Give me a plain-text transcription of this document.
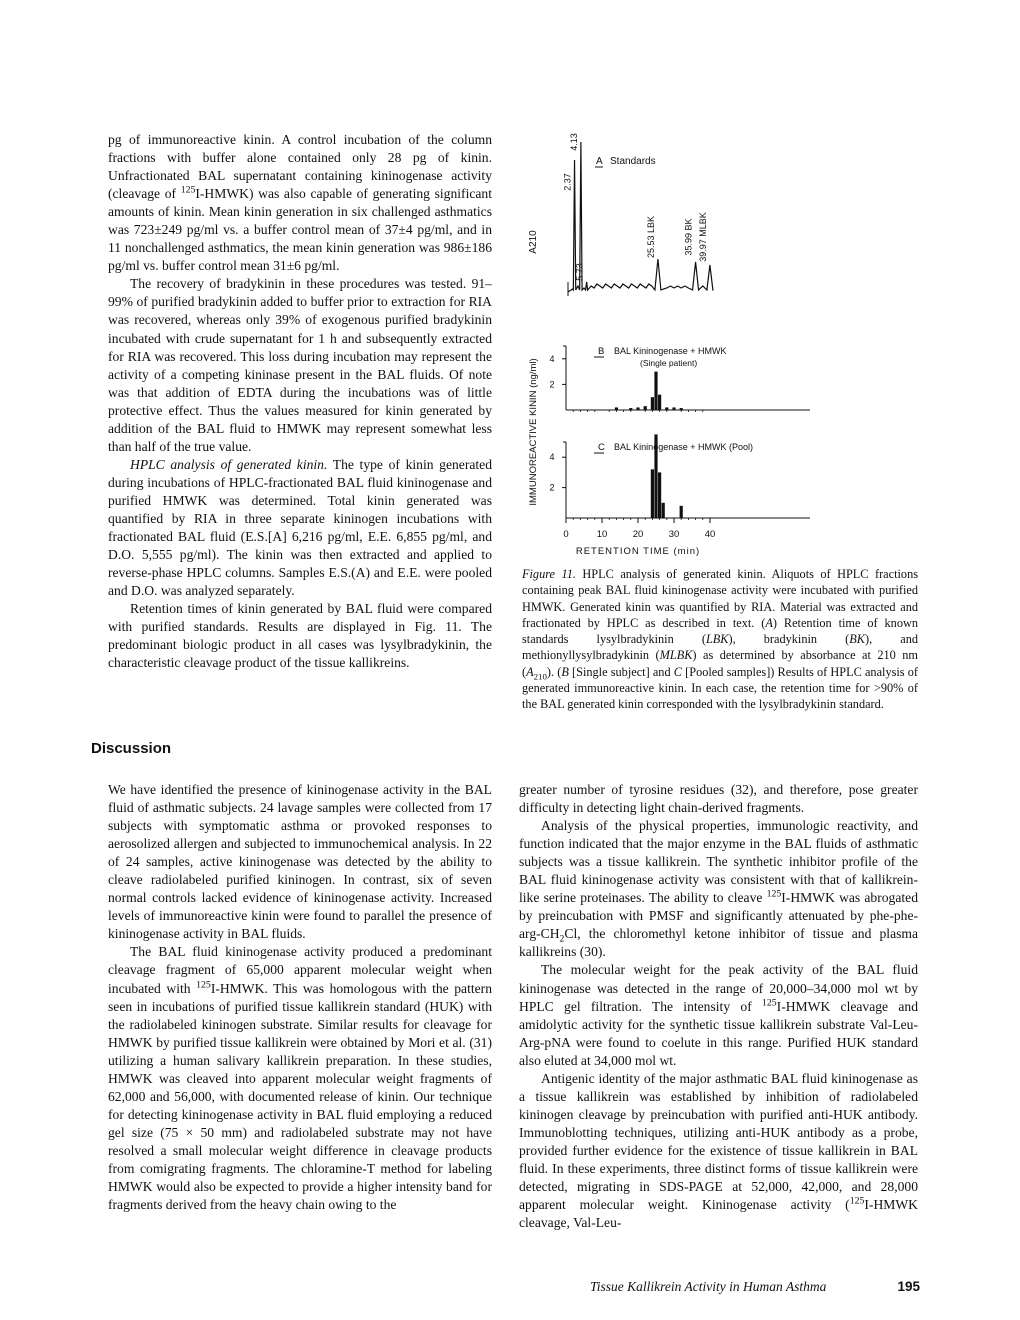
pg of immunoreactive kinin. A control incubation of the column fractions with buffer alone contained only 28 pg of kinin. Unfractionated BAL supernatant containing kininogenase activity (cleavage of $^{125}$I-HMWK) was also capable of generating significant amounts of kinin. Mean kinin generation in six challenged asthmatics was 723±249 pg/ml vs. a buffer control mean of 37±4 pg/ml, and in 11 nonchallenged asthmatics, the mean kinin generation was 986±186 pg/ml vs. buffer control mean 31±6 pg/ml.

The recovery of bradykinin in these procedures was tested. 91–99% of purified bradykinin added to buffer prior to extraction for RIA was recovered, whereas only 39% of exogenous purified bradykinin incubated with crude supernatant for 1 h and subsequently extracted for RIA was recovered. This loss during incubation may represent the activity of a competing kininase present in the BAL fluids. Of note was that addition of EDTA during the incubations was of little protective effect. Thus the values measured for kinin generated by addition of the BAL fluid to HMWK may represent somewhat less than half of the true value.

HPLC analysis of generated kinin. The type of kinin generated during incubations of HPLC-fractionated BAL fluid kininogenase and purified HMWK was determined. Total kinin generated was quantified by RIA in three separate kininogen incubations with fractionated BAL fluid (E.S.[A] 6,216 pg/ml, E.E. 6,855 pg/ml, and D.O. 5,555 pg/ml). The kinin was then extracted and applied to reverse-phase HPLC columns. Samples E.S.(A) and E.E. were pooled and D.O. was analyzed separately.

Retention times of kinin generated by BAL fluid were compared with purified standards. Results are displayed in Fig. 11. The predominant biologic product in all cases was lysylbradykinin, the characteristic cleavage product of the tissue kallikreins.

Discussion

We have identified the presence of kininogenase activity in the BAL fluid of asthmatic subjects. 24 lavage samples were collected from 17 subjects with symptomatic asthma or provoked responses to aerosolized allergen and subjected to immunochemical analysis. In 22 of 24 samples, active kininogenase was detected by the ability to cleave radiolabeled purified kininogen. In contrast, six of seven normal controls lacked evidence of kininogenase activity. Increased levels of immunoreactive kinin were found to parallel the presence of kininogenase activity in BAL fluids.

The BAL fluid kininogenase activity produced a predominant cleavage fragment of 65,000 apparent molecular weight when incubated with $^{125}$I-HMWK. This was homologous with the pattern seen in incubations of purified tissue kallikrein standard (HUK) with the radiolabeled kininogen substrate. Similar results for cleavage for HMWK by purified tissue kallikrein were obtained by Mori et al. (31) utilizing a human salivary kallikrein preparation. In these studies, HMWK was cleaved into apparent molecular weight fragments of 62,000 and 56,000, with documented release of kinin. Our technique for detecting kininogenase activity in BAL fluid employing a reduced gel size (75 × 50 mm) and radiolabeled substrate may not have resolved a small molecular weight difference in cleavage products from comigrating fragments. The chloramine-T method for labeling HMWK would also be expected to provide a higher intensity band for fragments derived from the heavy chain owing to the

greater number of tyrosine residues (32), and therefore, pose greater difficulty in detecting light chain-derived fragments.

Analysis of the physical properties, immunologic reactivity, and function indicated that the major enzyme in the BAL fluids of asthmatic subjects was a tissue kallikrein. The synthetic inhibitor profile of the BAL fluid kininogenase activity was consistent with that of kallikrein-like serine proteinases. The ability to cleave $^{125}$I-HMWK was abrogated by preincubation with PMSF and significantly attenuated by phe-$phe-arg-CH_2Cl$, the chloromethyl ketone inhibitor of tissue and plasma kallikreins (30).

The molecular weight for the peak activity of the BAL fluid kininogenase was detected in the range of 20,000–34,000 mol wt by HPLC gel filtration. The intensity of $^{125}$I-HMWK cleavage and amidolytic activity for the synthetic tissue kallikrein substrate Val-Leu-Arg-pNA were found to coelute in this range. Purified HUK standard also eluted at 34,000 mol wt.

Antigenic identity of the major asthmatic BAL fluid kininogenase as a tissue kallikrein was established by inhibition of radiolabeled kininogen cleavage by preincubation with purified anti-HUK antibody. Immunoblotting techniques, utilizing anti-HUK antibody as a probe, provided further evidence for the existence of tissue kallikrein in BAL fluid. In these experiments, three distinct forms of tissue kallikrein were detected, migrating in SDS-PAGE at 52,000, 42,000, and 28,000 apparent molecular weight. Kininogenase activity ($^{125}$I-HMWK cleavage, Val-Leu-

A210
A Standards
2.37
4.13
5.73
25.53 LBK	35.99 BK 39.97 MLBK
2
4
B BAL Kininogenase + HMWK
(Single patient)
2
4
C BAL Kininogenase + HMWK (Pool)
IMMUNOREACTIVE KININ (ng/ml)
0	10	20	30	40
RETENTION TIME (min)

Figure 11. HPLC analysis of generated kinin. Aliquots of HPLC fractions containing peak BAL fluid kininogenase activity were incubated with purified HMWK. Generated kinin was quantified by RIA. Material was extracted and fractionated by HPLC as described in text. (A) Retention time of known standards lysylbradykinin (LBK), bradykinin (BK), and methionyllysylbradykinin (MLBK) as determined by absorbance at 210 nm $(A_{210})$. (B [Single subject] and C [Pooled samples]) Results of HPLC analysis of generated immunoreactive kinin. In each case, the retention time for >90% of the BAL generated kinin corresponded with the lysylbradykinin standard.

Tissue Kallikrein Activity in Human Asthma	195
